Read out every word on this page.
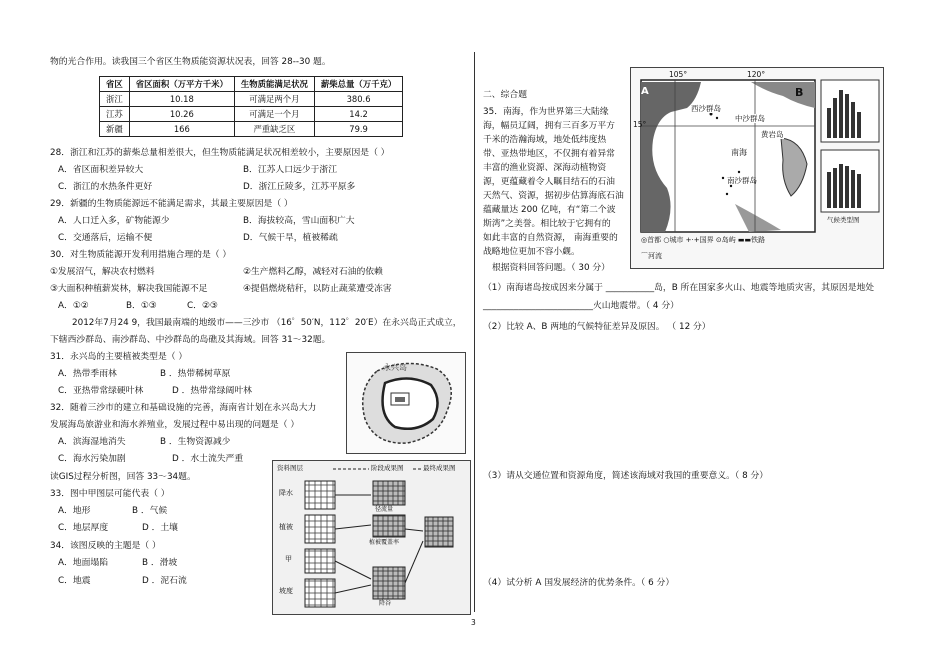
物的光合作用。读我国三个省区生物质能资源状况表，回答 28--30 题。
省区	省区面积（万平方千米）	生物质能满足状况	薪柴总量（万千克）
浙江	10.18	可满足两个月	380.6
江苏	10.26	可满足一个月	14.2
新疆	166	严重缺乏区	79.9
28．浙江和江苏的薪柴总量相差很大，但生物质能满足状况相差较小，主要原因是（ ）
A．省区面积差异较大	B．江苏人口远少于浙江
C．浙江的水热条件更好	D．浙江丘陵多，江苏平原多
29．新疆的生物质能源远不能满足需求，其最主要原因是（ ）
A．人口迁入多，矿物能源少	B．海拔较高，雪山面积广大
C．交通落后，运输不便	D．气候干旱，植被稀疏
30．对生物质能源开发利用措施合理的是（ ）
①发展沼气，解决农村燃料	②生产燃料乙醇，减轻对石油的依赖
③大面积种植薪炭林，解决我国能源不足	④提倡燃烧秸秆，以防止蔬菜遭受冻害
A．①②	B．①③	C．②③
2012年7月24 9，我国最南端的地级市——三沙市 （16゜50′N，112゜20′E）在永兴岛正式成立，
下辖西沙群岛、南沙群岛、中沙群岛的岛礁及其海域。回答 31～32题。
31．永兴岛的主要植被类型是（ ）
A．热带季雨林	B ．热带稀树草原
C．亚热带常绿硬叶林	D ．热带常绿阔叶林
32．随着三沙市的建立和基础设施的完善，海南省计划在永兴岛大力
发展海岛旅游业和海水养殖业，发展过程中易出现的问题是（ ）
A．滨海湿地消失	B ．生物资源减少
C．海水污染加剧	D ．水土流失严重
读GIS过程分析图，回答 33～34题。
33．图中甲图层可能代表（ ）
A．地形	B ．气候
C．地层厚度	D ．土壤
34．该图反映的主题是（ ）
A．地面塌陷	B ．滑坡
C．地震	D ．泥石流
永兴岛
资料图层	阶段成果图	最终成果图
降水
植被
甲
坡度
径流量
植被覆盖率
降谷
二、综合题
35．南海，作为世界第三大陆缘
海，幅员辽阔，拥有三百多万平方
千米的浩瀚海域，地处低纬度热
带、亚热带地区，不仅拥有着异常
丰富的渔业资源、深海动植物资
源，更蕴藏着令人瞩目结石的石油
天然气、资源，据初步估算海底石油
蕴藏量达 200 亿吨，有“第二个波
斯湾”之美誉。相比较于它拥有的
如此丰富的自然资源， 南海重要的
战略地位更加不容小觑。
105°	120°
15°
西沙群岛
中沙群岛
黄岩岛
南海
南沙群岛
A	B
◎首都 ○城市 +·+国界 ⊙岛屿 ▬▬铁路
⌒河流
气候类型图
根据资料回答问题。（ 30 分）
（1）南海诸岛按成因来分属于 ___________岛，B 所在国家多火山、地震等地质灾害，其原因是地处
_________________________火山地震带。（ 4 分）
（2）比较 A、B 两地的气候特征差异及原因。 （ 12 分）
（3）请从交通位置和资源角度，简述该海域对我国的重要意义。（ 8 分）
（4）试分析 A 国发展经济的优势条件。（ 6 分）
3
